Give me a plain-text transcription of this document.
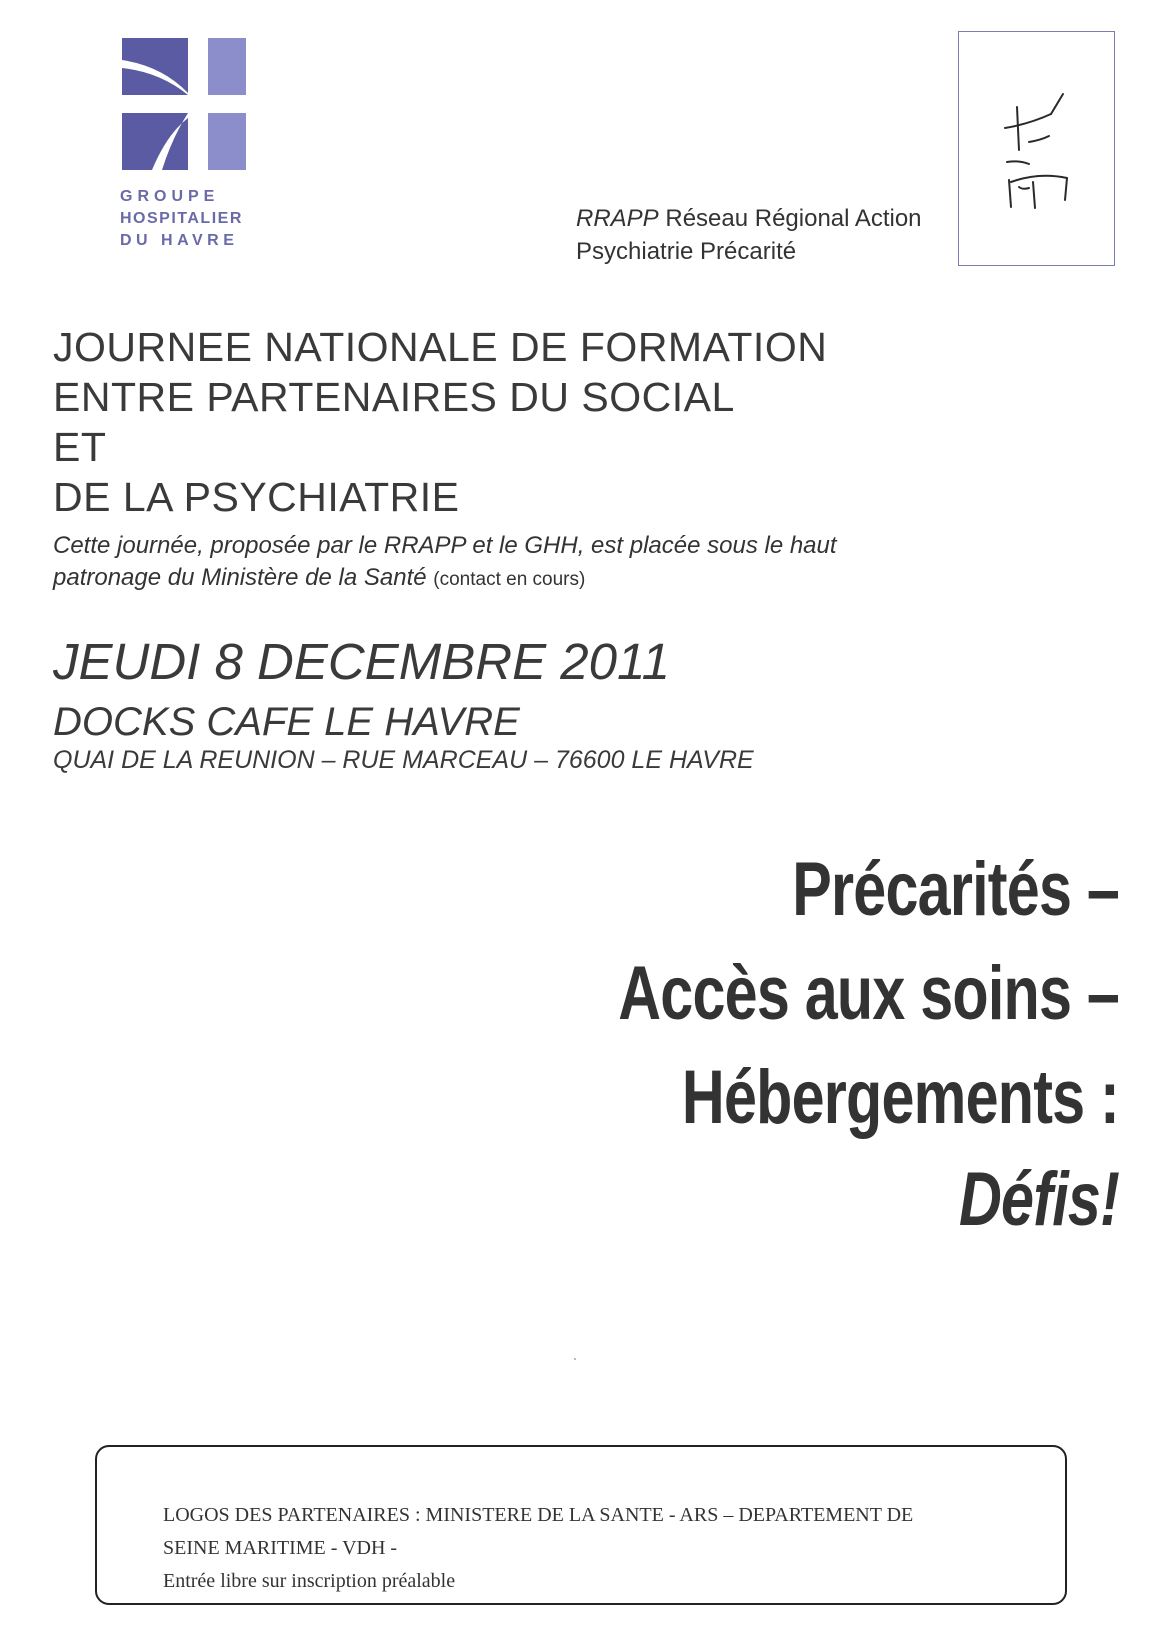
GROUPE
HOSPITALIER
DU HAVRE
RRAPP Réseau Régional Action
Psychiatrie Précarité
JOURNEE NATIONALE DE FORMATION
ENTRE PARTENAIRES DU SOCIAL
ET
DE LA PSYCHIATRIE
Cette journée, proposée par le RRAPP et le GHH, est placée sous le haut
patronage du Ministère de la Santé (contact en cours)
JEUDI 8 DECEMBRE 2011
DOCKS CAFE LE HAVRE
QUAI DE LA REUNION – RUE MARCEAU – 76600 LE HAVRE
Précarités –
Accès aux soins –
Hébergements :
Défis!
LOGOS DES PARTENAIRES : MINISTERE DE LA SANTE - ARS – DEPARTEMENT DE
SEINE MARITIME - VDH -
Entrée libre sur inscription préalable
